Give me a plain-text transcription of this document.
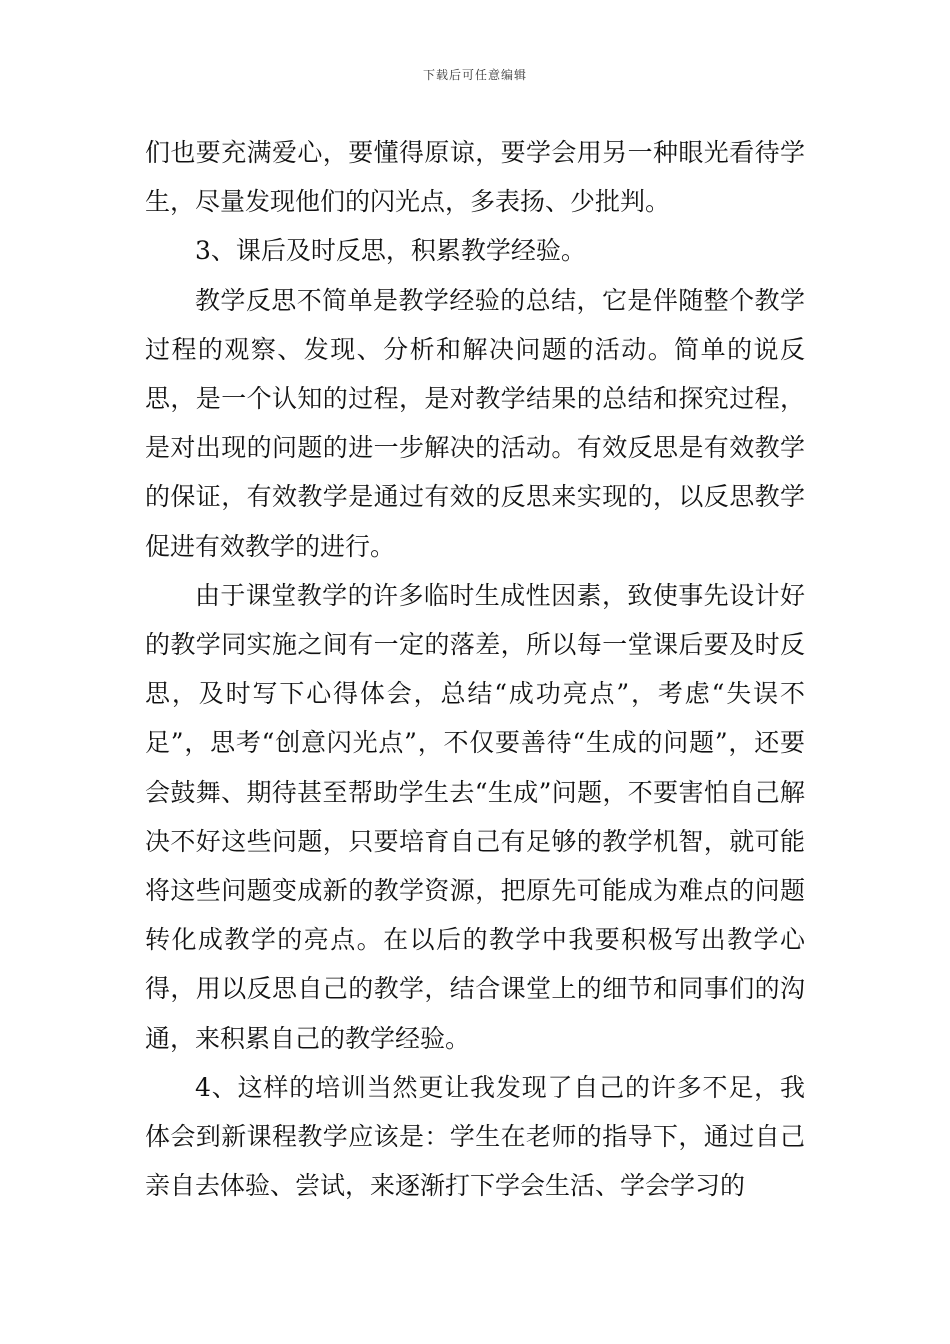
下载后可任意编辑

们也要充满爱心，要懂得原谅，要学会用另一种眼光看待学生，尽量发现他们的闪光点，多表扬、少批判。

3、课后及时反思，积累教学经验。

教学反思不简单是教学经验的总结，它是伴随整个教学过程的观察、发现、分析和解决问题的活动。简单的说反思，是一个认知的过程，是对教学结果的总结和探究过程，是对出现的问题的进一步解决的活动。有效反思是有效教学的保证，有效教学是通过有效的反思来实现的，以反思教学促进有效教学的进行。

由于课堂教学的许多临时生成性因素，致使事先设计好的教学同实施之间有一定的落差，所以每一堂课后要及时反思，及时写下心得体会，总结“成功亮点”，考虑“失误不足”，思考“创意闪光点”，不仅要善待“生成的问题”，还要会鼓舞、期待甚至帮助学生去“生成”问题，不要害怕自己解决不好这些问题，只要培育自己有足够的教学机智，就可能将这些问题变成新的教学资源，把原先可能成为难点的问题转化成教学的亮点。在以后的教学中我要积极写出教学心得，用以反思自己的教学，结合课堂上的细节和同事们的沟通，来积累自己的教学经验。

4、这样的培训当然更让我发现了自己的许多不足，我体会到新课程教学应该是：学生在老师的指导下，通过自己亲自去体验、尝试，来逐渐打下学会生活、学会学习的
